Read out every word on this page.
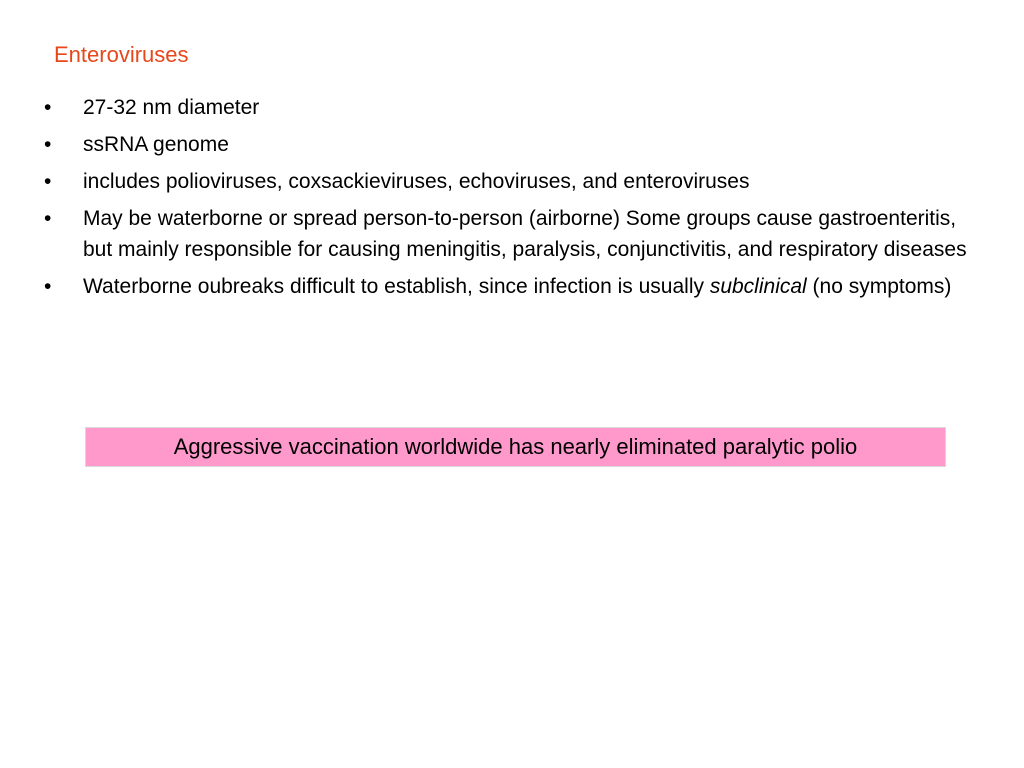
Enteroviruses
•	27-32 nm diameter
•	ssRNA genome
•	includes polioviruses, coxsackieviruses, echoviruses, and enteroviruses
•	May be waterborne or spread person-to-person (airborne) Some groups cause gastroenteritis, but mainly responsible for causing meningitis, paralysis, conjunctivitis, and respiratory diseases
•	Waterborne oubreaks difficult to establish, since infection is usually subclinical (no symptoms)
Aggressive vaccination worldwide has nearly eliminated paralytic polio
